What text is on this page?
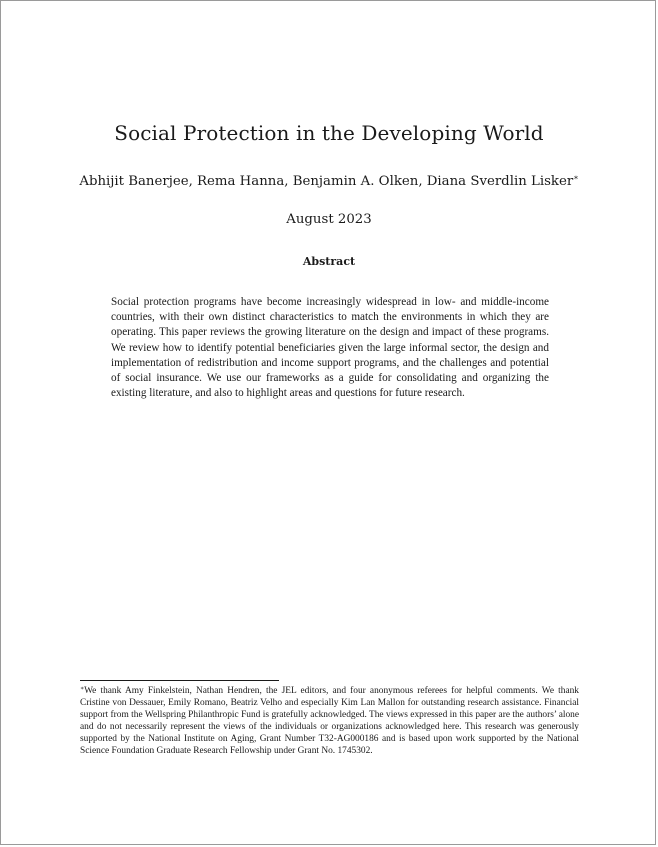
Social Protection in the Developing World
Abhijit Banerjee, Rema Hanna, Benjamin A. Olken, Diana Sverdlin Lisker∗
August 2023
Abstract

Social protection programs have become increasingly widespread in low- and middle-income countries, with their own distinct characteristics to match the environments in which they are operating. This paper reviews the growing literature on the design and impact of these programs. We review how to identify potential beneficiaries given the large informal sector, the design and implementation of redistribution and income support programs, and the challenges and potential of social insurance. We use our frameworks as a guide for consolidating and organizing the existing literature, and also to highlight areas and questions for future research.

∗We thank Amy Finkelstein, Nathan Hendren, the JEL editors, and four anonymous referees for helpful comments. We thank Cristine von Dessauer, Emily Romano, Beatriz Velho and especially Kim Lan Mallon for outstanding research assistance. Financial support from the Wellspring Philanthropic Fund is gratefully acknowledged. The views expressed in this paper are the authors’ alone and do not necessarily represent the views of the individuals or organizations acknowledged here. This research was generously supported by the National Institute on Aging, Grant Number T32-AG000186 and is based upon work supported by the National Science Foundation Graduate Research Fellowship under Grant No. 1745302.
